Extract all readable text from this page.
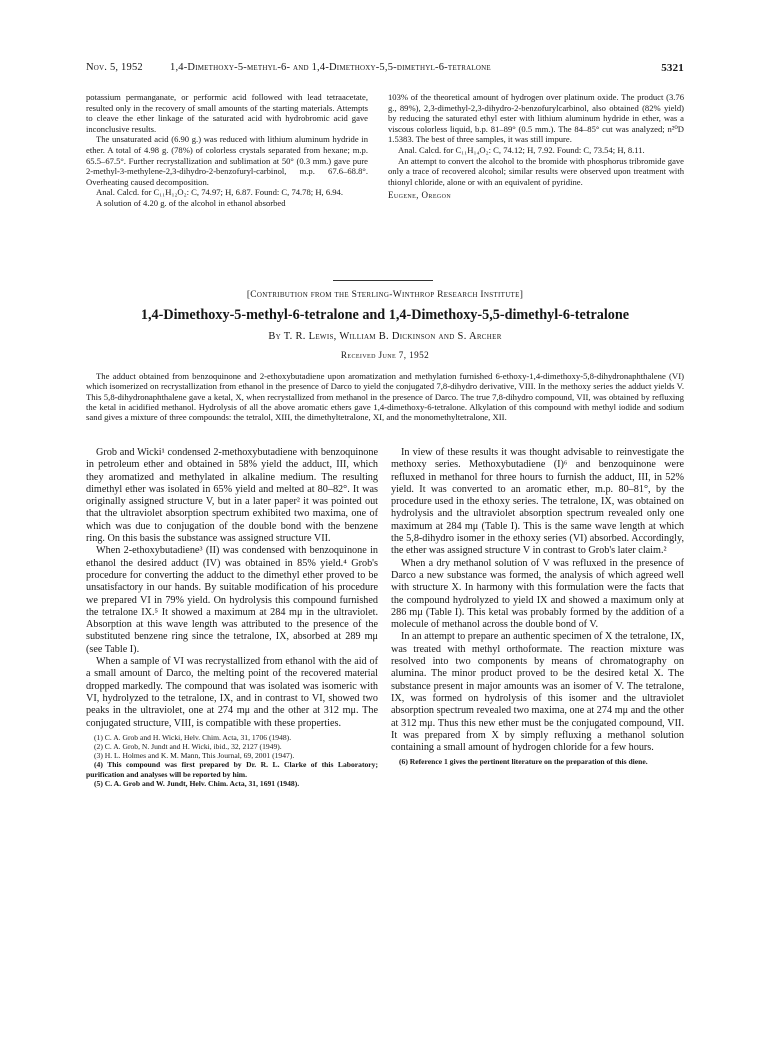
Nov. 5, 1952	1,4-Dimethoxy-5-methyl-6- and 1,4-Dimethoxy-5,5-dimethyl-6-tetralone	5321

potassium permanganate, or performic acid followed with lead tetraacetate, resulted only in the recovery of small amounts of the starting materials. Attempts to cleave the ether linkage of the saturated acid with hydrobromic acid gave inconclusive results.

The unsaturated acid (6.90 g.) was reduced with lithium aluminum hydride in ether. A total of 4.98 g. (78%) of colorless crystals separated from hexane; m.p. 65.5–67.5°. Further recrystallization and sublimation at 50° (0.3 mm.) gave pure 2-methyl-3-methylene-2,3-dihydro-2-benzofuryl-carbinol, m.p. 67.6–68.8°. Overheating caused decomposition.

Anal. Calcd. for C₁₁H₁₂O₂: C, 74.97; H, 6.87. Found: C, 74.78; H, 6.94.

A solution of 4.20 g. of the alcohol in ethanol absorbed

103% of the theoretical amount of hydrogen over platinum oxide. The product (3.76 g., 89%), 2,3-dimethyl-2,3-dihydro-2-benzofurylcarbinol, also obtained (82% yield) by reducing the saturated ethyl ester with lithium aluminum hydride in ether, was a viscous colorless liquid, b.p. 81–89° (0.5 mm.). The 84–85° cut was analyzed; n²⁰D 1.5383. The best of three samples, it was still impure.

Anal. Calcd. for C₁₁H₁₄O₂: C, 74.12; H, 7.92. Found: C, 73.54; H, 8.11.

An attempt to convert the alcohol to the bromide with phosphorus tribromide gave only a trace of recovered alcohol; similar results were observed upon treatment with thionyl chloride, alone or with an equivalent of pyridine.

Eugene, Oregon
[Contribution from the Sterling-Winthrop Research Institute]
1,4-Dimethoxy-5-methyl-6-tetralone and 1,4-Dimethoxy-5,5-dimethyl-6-tetralone
By T. R. Lewis, William B. Dickinson and S. Archer
Received June 7, 1952

The adduct obtained from benzoquinone and 2-ethoxybutadiene upon aromatization and methylation furnished 6-ethoxy-1,4-dimethoxy-5,8-dihydronaphthalene (VI) which isomerized on recrystallization from ethanol in the presence of Darco to yield the conjugated 7,8-dihydro derivative, VIII. In the methoxy series the adduct yields V. This 5,8-dihydronaphthalene gave a ketal, X, when recrystallized from methanol in the presence of Darco. The true 7,8-dihydro compound, VII, was obtained by refluxing the ketal in acidified methanol. Hydrolysis of all the above aromatic ethers gave 1,4-dimethoxy-6-tetralone. Alkylation of this compound with methyl iodide and sodium sand gives a mixture of three compounds: the tetralol, XIII, the dimethyltetralone, XI, and the monomethyltetralone, XII.

Grob and Wicki¹ condensed 2-methoxybutadiene with benzoquinone in petroleum ether and obtained in 58% yield the adduct, III, which they aromatized and methylated in alkaline medium. The resulting dimethyl ether was isolated in 65% yield and melted at 80–82°. It was originally assigned structure V, but in a later paper² it was pointed out that the ultraviolet absorption spectrum exhibited two maxima, one of which was due to conjugation of the double bond with the benzene ring. On this basis the substance was assigned structure VII.

When 2-ethoxybutadiene³ (II) was condensed with benzoquinone in ethanol the desired adduct (IV) was obtained in 85% yield.⁴ Grob's procedure for converting the adduct to the dimethyl ether proved to be unsatisfactory in our hands. By suitable modification of his procedure we prepared VI in 79% yield. On hydrolysis this compound furnished the tetralone IX.⁵ It showed a maximum at 284 mμ in the ultraviolet. Absorption at this wave length was attributed to the presence of the substituted benzene ring since the tetralone, IX, absorbed at 289 mμ (see Table I).

When a sample of VI was recrystallized from ethanol with the aid of a small amount of Darco, the melting point of the recovered material dropped markedly. The compound that was isolated was isomeric with VI, hydrolyzed to the tetralone, IX, and in contrast to VI, showed two peaks in the ultraviolet, one at 274 mμ and the other at 312 mμ. The conjugated structure, VIII, is compatible with these properties.

(1) C. A. Grob and H. Wicki, Helv. Chim. Acta, 31, 1706 (1948).
(2) C. A. Grob, N. Jundt and H. Wicki, ibid., 32, 2127 (1949).
(3) H. L. Holmes and K. M. Mann, This Journal, 69, 2001 (1947).
(4) This compound was first prepared by Dr. R. L. Clarke of this Laboratory; purification and analyses will be reported by him.
(5) C. A. Grob and W. Jundt, Helv. Chim. Acta, 31, 1691 (1948).

In view of these results it was thought advisable to reinvestigate the methoxy series. Methoxybutadiene (I)⁶ and benzoquinone were refluxed in methanol for three hours to furnish the adduct, III, in 52% yield. It was converted to an aromatic ether, m.p. 80–81°, by the procedure used in the ethoxy series. The tetralone, IX, was obtained on hydrolysis and the ultraviolet absorption spectrum revealed only one maximum at 284 mμ (Table I). This is the same wave length at which the 5,8-dihydro isomer in the ethoxy series (VI) absorbed. Accordingly, the ether was assigned structure V in contrast to Grob's later claim.²

When a dry methanol solution of V was refluxed in the presence of Darco a new substance was formed, the analysis of which agreed well with structure X. In harmony with this formulation were the facts that the compound hydrolyzed to yield IX and showed a maximum only at 286 mμ (Table I). This ketal was probably formed by the addition of a molecule of methanol across the double bond of V.

In an attempt to prepare an authentic specimen of X the tetralone, IX, was treated with methyl orthoformate. The reaction mixture was resolved into two components by means of chromatography on alumina. The minor product proved to be the desired ketal X. The substance present in major amounts was an isomer of V. The tetralone, IX, was formed on hydrolysis of this isomer and the ultraviolet absorption spectrum revealed two maxima, one at 274 mμ and the other at 312 mμ. Thus this new ether must be the conjugated compound, VII. It was prepared from X by simply refluxing a methanol solution containing a small amount of hydrogen chloride for a few hours.

(6) Reference 1 gives the pertinent literature on the preparation of this diene.
